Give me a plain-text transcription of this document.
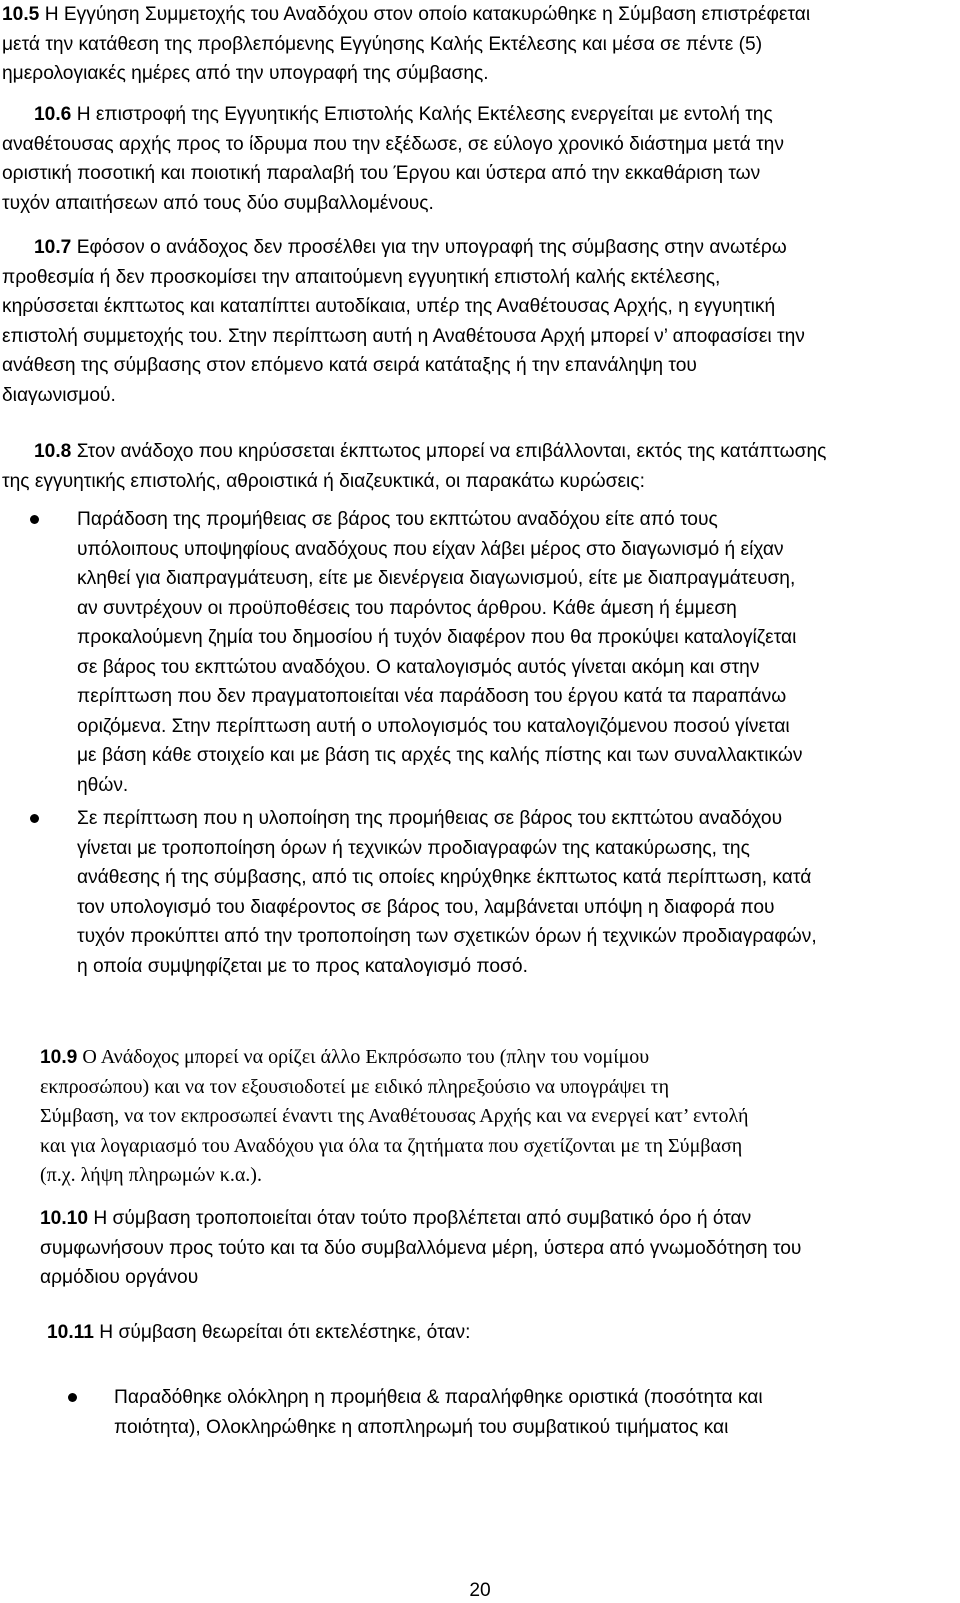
10.5 Η Εγγύηση Συμμετοχής του Αναδόχου στον οποίο κατακυρώθηκε η Σύμβαση επιστρέφεται
μετά την κατάθεση της προβλεπόμενης Εγγύησης Καλής Εκτέλεσης και μέσα σε πέντε (5)
ημερολογιακές ημέρες από την υπογραφή της σύμβασης.
10.6 Η επιστροφή της Εγγυητικής Επιστολής Καλής Εκτέλεσης ενεργείται με εντολή της
αναθέτουσας αρχής προς το ίδρυμα που την εξέδωσε, σε εύλογο χρονικό διάστημα μετά την
οριστική ποσοτική και ποιοτική παραλαβή του Έργου και ύστερα από την εκκαθάριση των
τυχόν απαιτήσεων από τους δύο συμβαλλομένους.
10.7 Εφόσον ο ανάδοχος δεν προσέλθει για την υπογραφή της σύμβασης στην ανωτέρω
προθεσμία ή δεν προσκομίσει την απαιτούμενη εγγυητική επιστολή καλής εκτέλεσης,
κηρύσσεται έκπτωτος και καταπίπτει αυτοδίκαια, υπέρ της Αναθέτουσας Αρχής, η εγγυητική
επιστολή συμμετοχής του. Στην περίπτωση αυτή η Αναθέτουσα Αρχή μπορεί ν’ αποφασίσει την
ανάθεση της σύμβασης στον επόμενο κατά σειρά κατάταξης ή την επανάληψη του
διαγωνισμού.
10.8 Στον ανάδοχο που κηρύσσεται έκπτωτος μπορεί να επιβάλλονται, εκτός της κατάπτωσης
της εγγυητικής επιστολής, αθροιστικά ή διαζευκτικά, οι παρακάτω κυρώσεις:
Παράδοση της προμήθειας σε βάρος του εκπτώτου αναδόχου είτε από τους
υπόλοιπους υποψηφίους αναδόχους που είχαν λάβει μέρος στο διαγωνισμό ή είχαν
κληθεί για διαπραγμάτευση, είτε με διενέργεια διαγωνισμού, είτε με διαπραγμάτευση,
αν συντρέχουν οι προϋποθέσεις του παρόντος άρθρου. Κάθε άμεση ή έμμεση
προκαλούμενη ζημία του δημοσίου ή τυχόν διαφέρον που θα προκύψει καταλογίζεται
σε βάρος του εκπτώτου αναδόχου. Ο καταλογισμός αυτός γίνεται ακόμη και στην
περίπτωση που δεν πραγματοποιείται νέα παράδοση του έργου κατά τα παραπάνω
οριζόμενα. Στην περίπτωση αυτή ο υπολογισμός του καταλογιζόμενου ποσού γίνεται
με βάση κάθε στοιχείο και με βάση τις αρχές της καλής πίστης και των συναλλακτικών
ηθών.
Σε περίπτωση που η υλοποίηση της προμήθειας σε βάρος του εκπτώτου αναδόχου
γίνεται με τροποποίηση όρων ή τεχνικών προδιαγραφών της κατακύρωσης, της
ανάθεσης ή της σύμβασης, από τις οποίες κηρύχθηκε έκπτωτος κατά περίπτωση, κατά
τον υπολογισμό του διαφέροντος σε βάρος του, λαμβάνεται υπόψη η διαφορά που
τυχόν προκύπτει από την τροποποίηση των σχετικών όρων ή τεχνικών προδιαγραφών,
η οποία συμψηφίζεται με το προς καταλογισμό ποσό.
10.9 Ο Ανάδοχος μπορεί να ορίζει άλλο Εκπρόσωπο του (πλην του νομίμου
εκπροσώπου) και να τον εξουσιοδοτεί με ειδικό πληρεξούσιο να υπογράψει τη
Σύμβαση, να τον εκπροσωπεί έναντι της Αναθέτουσας Αρχής και να ενεργεί κατ’ εντολή
και για λογαριασμό του Αναδόχου για όλα τα ζητήματα που σχετίζονται με τη Σύμβαση
(π.χ. λήψη πληρωμών κ.α.).
10.10 Η σύμβαση τροποποιείται όταν τούτο προβλέπεται από συμβατικό όρο ή όταν
συμφωνήσουν προς τούτο και τα δύο συμβαλλόμενα μέρη, ύστερα από γνωμοδότηση του
αρμόδιου οργάνου
10.11 Η σύμβαση θεωρείται ότι εκτελέστηκε, όταν:
Παραδόθηκε ολόκληρη η προμήθεια & παραλήφθηκε οριστικά (ποσότητα και
ποιότητα), Ολοκληρώθηκε η αποπληρωμή του συμβατικού τιμήματος και
20
